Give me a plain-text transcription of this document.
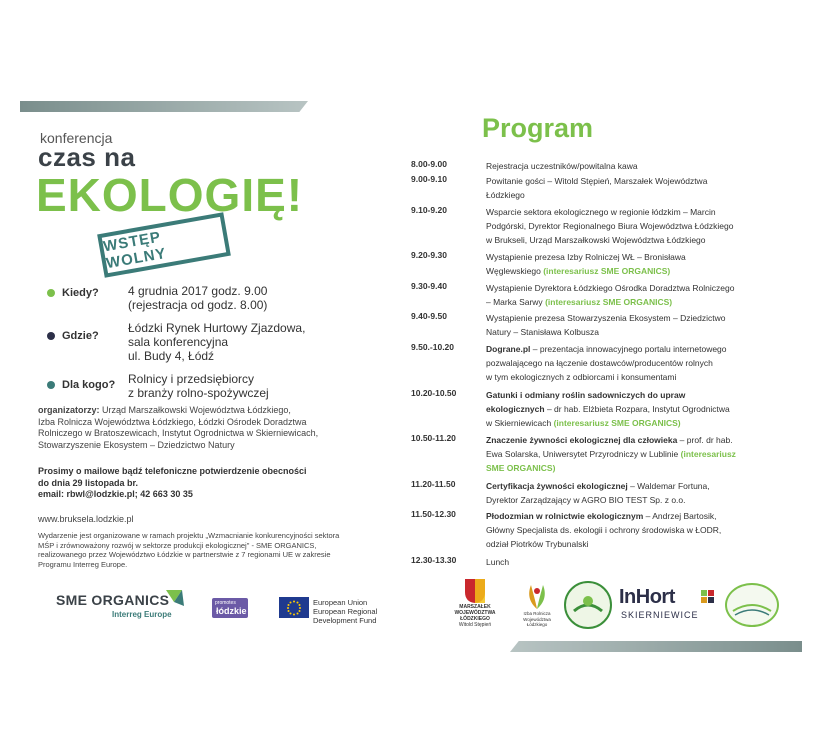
konferencja
czas na
EKOLOGIĘ!
WSTĘP WOLNY
Kiedy? 4 grudnia 2017 godz. 9.00
(rejestracja od godz. 8.00)
Gdzie?
Łódzki Rynek Hurtowy Zjazdowa,
sala konferencyjna
ul. Budy 4, Łódź
Dla kogo? Rolnicy i przedsiębiorcy
z branży rolno-spożywczej
organizatorzy: Urząd Marszałkowski Województwa Łódzkiego,
Izba Rolnicza Województwa Łódzkiego, Łódzki Ośrodek Doradztwa
Rolniczego w Bratoszewicach, Instytut Ogrodnictwa w Skierniewicach,
Stowarzyszenie Ekosystem – Dziedzictwo Natury
Prosimy o mailowe bądź telefoniczne potwierdzenie obecności
do dnia 29 listopada br.
email: rbwl@lodzkie.pl; 42 663 30 35
www.bruksela.lodzkie.pl
Wydarzenie jest organizowane w ramach projektu „Wzmacnianie konkurencyjności sektora
MŚP i zrównoważony rozwój w sektorze produkcji ekologicznej" - SME ORGANICS,
realizowanego przez Województwo Łódzkie w partnerstwie z 7 regionami UE w zakresie
Programu Interreg Europe.
SME ORGANICS
Interreg Europe
promotes
łódzkie
European Union
European Regional
Development Fund
Program
8.00-9.00	Rejestracja uczestników/powitalna kawa
9.00-9.10	Powitanie gości – Witold Stępień, Marszałek Województwa
Łódzkiego
9.10-9.20	Wsparcie sektora ekologicznego w regionie łódzkim – Marcin
Podgórski, Dyrektor Regionalnego Biura Województwa Łódzkiego
w Brukseli, Urząd Marszałkowski Województwa Łódzkiego
9.20-9.30	Wystąpienie prezesa Izby Rolniczej WŁ – Bronisława
Węglewskiego (interesariusz SME ORGANICS)
9.30-9.40	Wystąpienie Dyrektora Łódzkiego Ośrodka Doradztwa Rolniczego
– Marka Sarwy (interesariusz SME ORGANICS)
9.40-9.50	Wystąpienie prezesa Stowarzyszenia Ekosystem – Dziedzictwo
Natury – Stanisława Kolbusza
9.50.-10.20	Dograne.pl – prezentacja innowacyjnego portalu internetowego
pozwalającego na łączenie dostawców/producentów rolnych
w tym ekologicznych z odbiorcami i konsumentami
10.20-10.50	Gatunki i odmiany roślin sadowniczych do upraw
ekologicznych – dr hab. Elżbieta Rozpara, Instytut Ogrodnictwa
w Skierniewicach (interesariusz SME ORGANICS)
10.50-11.20	Znaczenie żywności ekologicznej dla człowieka – prof. dr hab.
Ewa Solarska, Uniwersytet Przyrodniczy w Lublinie (interesariusz
SME ORGANICS)
11.20-11.50	Certyfikacja żywności ekologicznej – Waldemar Fortuna,
Dyrektor Zarządzający w AGRO BIO TEST Sp. z o.o.
11.50-12.30	Płodozmian w rolnictwie ekologicznym – Andrzej Bartosik,
Główny Specjalista ds. ekologii i ochrony środowiska w ŁODR,
odział Piotrków Trybunalski
12.30-13.30	Lunch
MARSZAŁEK
WOJEWÓDZTWA ŁÓDZKIEGO
Witold Stępień
Izba Rolnicza
Województwa Łódzkiego
InHort
SKIERNIEWICE
